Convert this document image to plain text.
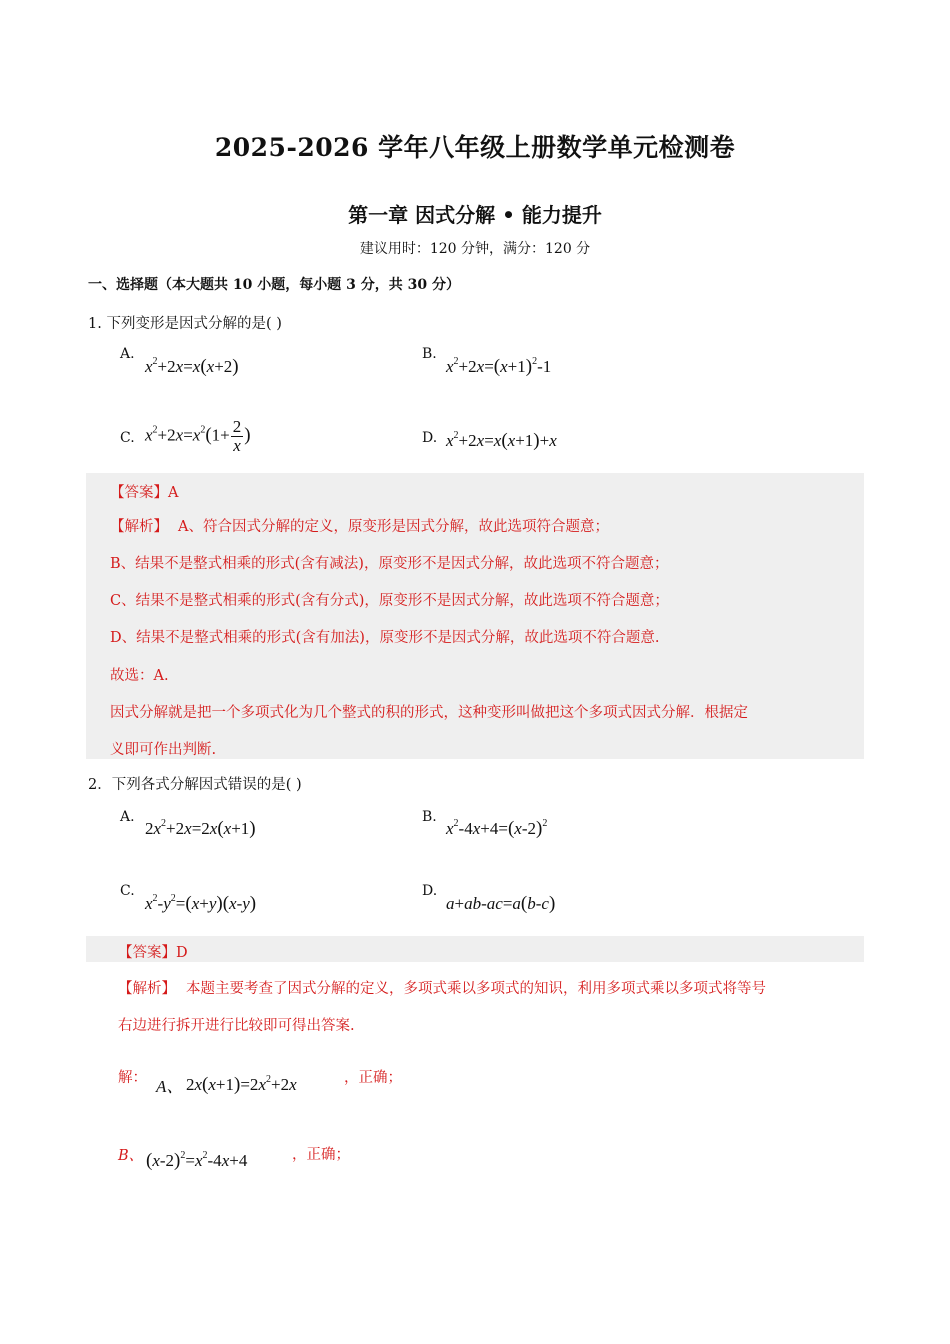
2025-2026 学年八年级上册数学单元检测卷
第一章 因式分解 • 能力提升
建议用时：120 分钟，满分：120 分
一、选择题（本大题共 10 小题，每小题 3 分，共 30 分）
1. 下列变形是因式分解的是( )
A.
$x^2+2x=x(x+2)$
B.
$x^2+2x=(x+1)^2-1$
C. $x^2+2x=x^2(1+ \frac{2}{x}$ )	D. $x^2+2x=x(x+1)+x$
【答案】A
【解析】 A、符合因式分解的定义，原变形是因式分解，故此选项符合题意；
B、结果不是整式相乘的形式(含有减法)，原变形不是因式分解，故此选项不符合题意；
C、结果不是整式相乘的形式(含有分式)，原变形不是因式分解，故此选项不符合题意；
D、结果不是整式相乘的形式(含有加法)，原变形不是因式分解，故此选项不符合题意.
故选：A.
因式分解就是把一个多项式化为几个整式的积的形式，这种变形叫做把这个多项式因式分解．根据定
义即可作出判断.
2．下列各式分解因式错误的是( )
A.
$2x^2+2x=2x(x+1)$
B.
$x^2-4x+4=(x-2)^2$
C.
$x^2-y^2=(x+y)(x-y)$
D.
a+ab-ac=a(b-c)
【答案】D
【解析】 本题主要考查了因式分解的定义，多项式乘以多项式的知识，利用多项式乘以多项式将等号
右边进行拆开进行比较即可得出答案.
解： A、 $2x(x+1)=2x^2+2x$	，正确；
B、 $(x-2)^2=x^2-4x+4$	，正确；
